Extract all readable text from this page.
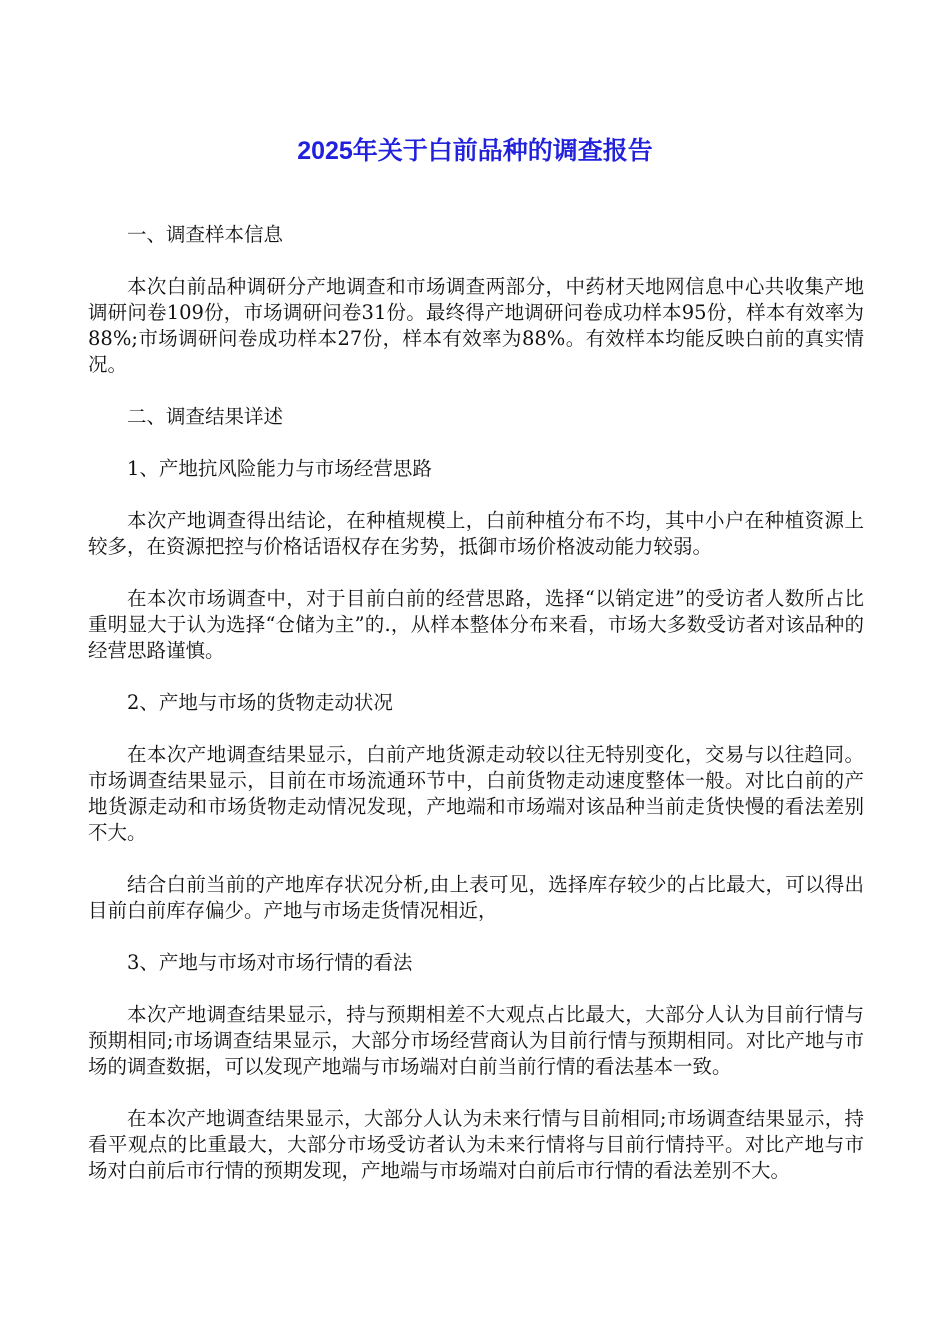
2025年关于白前品种的调查报告

一、调查样本信息

本次白前品种调研分产地调查和市场调查两部分，中药材天地网信息中心共收集产地调研问卷109份，市场调研问卷31份。最终得产地调研问卷成功样本95份，样本有效率为88%;市场调研问卷成功样本27份，样本有效率为88%。有效样本均能反映白前的真实情况。

二、调查结果详述

1、产地抗风险能力与市场经营思路

本次产地调查得出结论，在种植规模上，白前种植分布不均，其中小户在种植资源上较多，在资源把控与价格话语权存在劣势，抵御市场价格波动能力较弱。

在本次市场调查中，对于目前白前的经营思路，选择“以销定进”的受访者人数所占比重明显大于认为选择“仓储为主”的.，从样本整体分布来看，市场大多数受访者对该品种的经营思路谨慎。

2、产地与市场的货物走动状况

在本次产地调查结果显示，白前产地货源走动较以往无特别变化，交易与以往趋同。市场调查结果显示，目前在市场流通环节中，白前货物走动速度整体一般。对比白前的产地货源走动和市场货物走动情况发现，产地端和市场端对该品种当前走货快慢的看法差别不大。

结合白前当前的产地库存状况分析,由上表可见，选择库存较少的占比最大，可以得出目前白前库存偏少。产地与市场走货情况相近，

3、产地与市场对市场行情的看法

本次产地调查结果显示，持与预期相差不大观点占比最大，大部分人认为目前行情与预期相同;市场调查结果显示，大部分市场经营商认为目前行情与预期相同。对比产地与市场的调查数据，可以发现产地端与市场端对白前当前行情的看法基本一致。

在本次产地调查结果显示，大部分人认为未来行情与目前相同;市场调查结果显示，持看平观点的比重最大，大部分市场受访者认为未来行情将与目前行情持平。对比产地与市场对白前后市行情的预期发现，产地端与市场端对白前后市行情的看法差别不大。
